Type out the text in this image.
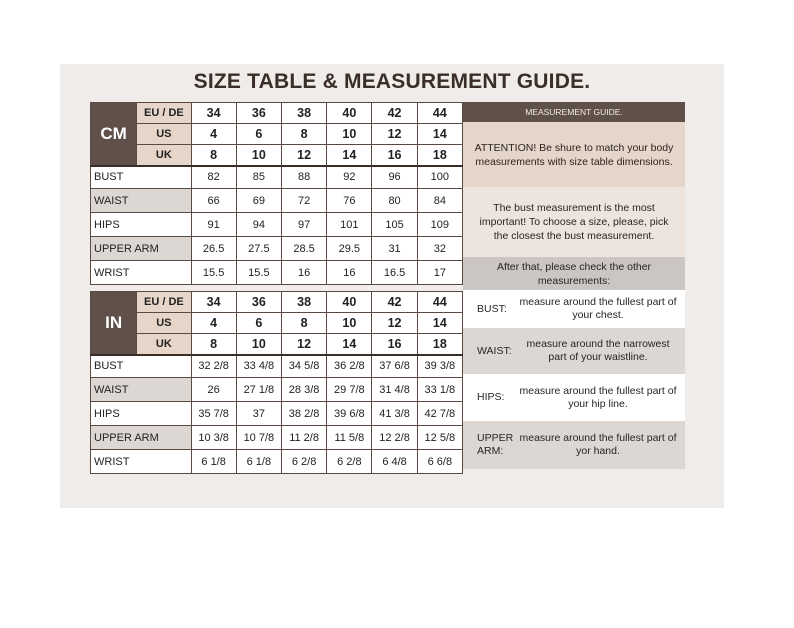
SIZE TABLE & MEASUREMENT GUIDE.
CM	EU / DE	34	36	38	40	42	44
	US	4	6	8	10	12	14
	UK	8	10	12	14	16	18
BUST		82	85	88	92	96	100
WAIST		66	69	72	76	80	84
HIPS		91	94	97	101	105	109
UPPER ARM		26.5	27.5	28.5	29.5	31	32
WRIST		15.5	15.5	16	16	16.5	17
IN	EU / DE	34	36	38	40	42	44
	US	4	6	8	10	12	14
	UK	8	10	12	14	16	18
BUST		32 2/8	33 4/8	34 5/8	36 2/8	37 6/8	39 3/8
WAIST		26	27 1/8	28 3/8	29 7/8	31 4/8	33 1/8
HIPS		35 7/8	37	38 2/8	39 6/8	41 3/8	42 7/8
UPPER ARM		10 3/8	10 7/8	11 2/8	11 5/8	12 2/8	12 5/8
WRIST		6 1/8	6 1/8	6 2/8	6 2/8	6 4/8	6 6/8
MEASUREMENT GUIDE.
ATTENTION! Be shure to match your body measurements with size table dimensions.
The bust measurement is the most important! To choose a size, please, pick the closest the bust measurement.
After that, please check the other measurements:
BUST:
measure around the fullest part of your chest.
WAIST:
measure around the narrowest part of your waistline.
HIPS:
measure around the fullest part of your hip line.
UPPER ARM:
measure around the fullest part of yor hand.
